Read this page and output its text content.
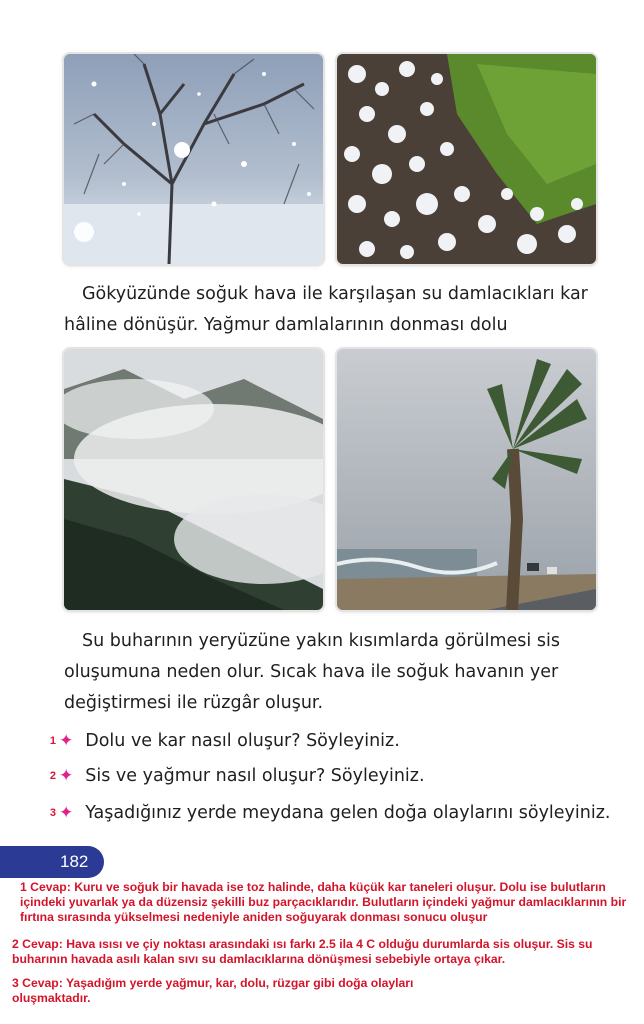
Gökyüzünde soğuk hava ile karşılaşan su damlacıkları kar hâline dönüşür. Yağmur damlalarının donması dolu

Su buharının yeryüzüne yakın kısımlarda görülmesi sis oluşumuna neden olur. Sıcak hava ile soğuk havanın yer değiştirmesi ile rüzgâr oluşur.

1 ✦ Dolu ve kar nasıl oluşur? Söyleyiniz.
2 ✦ Sis ve yağmur nasıl oluşur? Söyleyiniz.
3 ✦ Yaşadığınız yerde meydana gelen doğa olaylarını söyleyiniz.
182

1 Cevap: Kuru ve soğuk bir havada ise toz halinde, daha küçük kar taneleri oluşur. Dolu ise bulutların içindeki yuvarlak ya da düzensiz şekilli buz parçacıklarıdır. Bulutların içindeki yağmur damlacıklarının bir fırtına sırasında yükselmesi nedeniyle aniden soğuyarak donması sonucu oluşur

2 Cevap: Hava ısısı ve çiy noktası arasındaki ısı farkı 2.5 ila 4 C olduğu durumlarda sis oluşur. Sis su buharının havada asılı kalan sıvı su damlacıklarına dönüşmesi sebebiyle ortaya çıkar.

3 Cevap: Yaşadığım yerde yağmur, kar, dolu, rüzgar gibi doğa olayları oluşmaktadır.
